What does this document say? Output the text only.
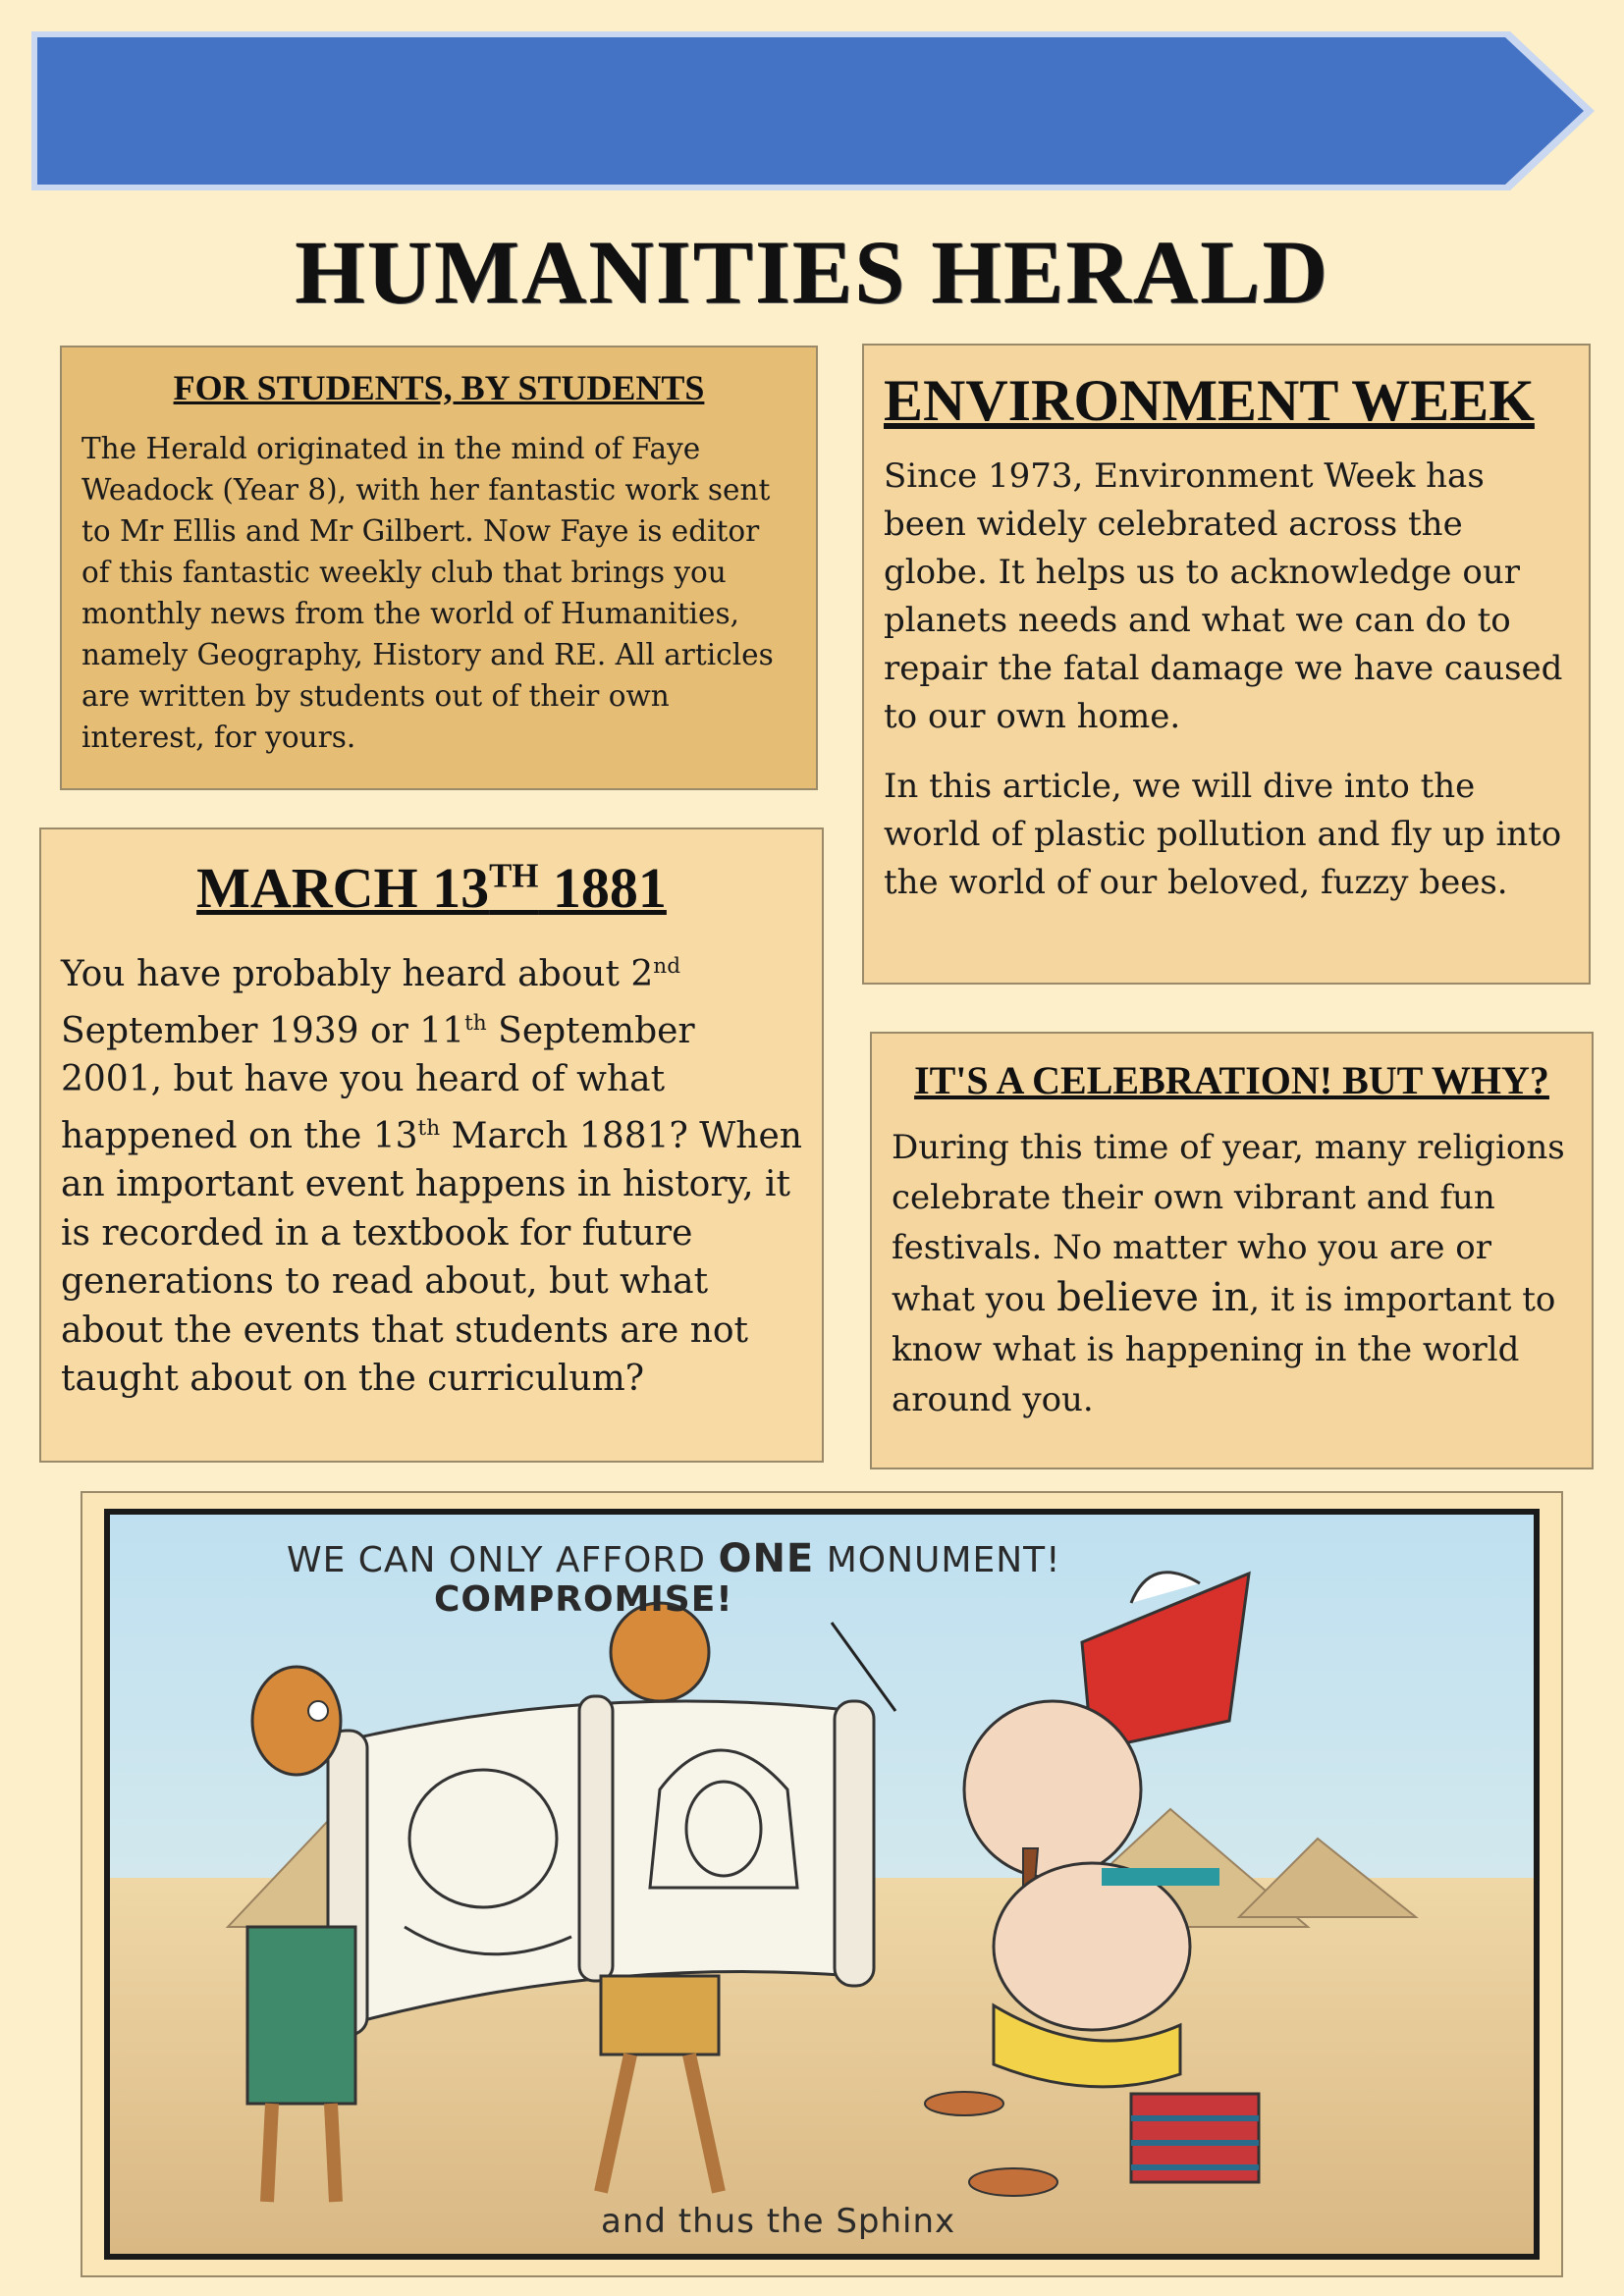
HUMANITIES HERALD
FOR STUDENTS, BY STUDENTS

The Herald originated in the mind of Faye Weadock (Year 8), with her fantastic work sent to Mr Ellis and Mr Gilbert. Now Faye is editor of this fantastic weekly club that brings you monthly news from the world of Humanities, namely Geography, History and RE. All articles are written by students out of their own interest, for yours.

ENVIRONMENT WEEK

Since 1973, Environment Week has been widely celebrated across the globe. It helps us to acknowledge our planets needs and what we can do to repair the fatal damage we have caused to our own home.

In this article, we will dive into the world of plastic pollution and fly up into the world of our beloved, fuzzy bees.

MARCH 13TH 1881

You have probably heard about 2nd September 1939 or 11th September 2001, but have you heard of what happened on the 13th March 1881? When an important event happens in history, it is recorded in a textbook for future generations to read about, but what about the events that students are not taught about on the curriculum?

IT'S A CELEBRATION! BUT WHY?

During this time of year, many religions celebrate their own vibrant and fun festivals. No matter who you are or what you believe in, it is important to know what is happening in the world around you.

WE CAN ONLY AFFORD ONE MONUMENT!
COMPROMISE!
and thus the Sphinx
